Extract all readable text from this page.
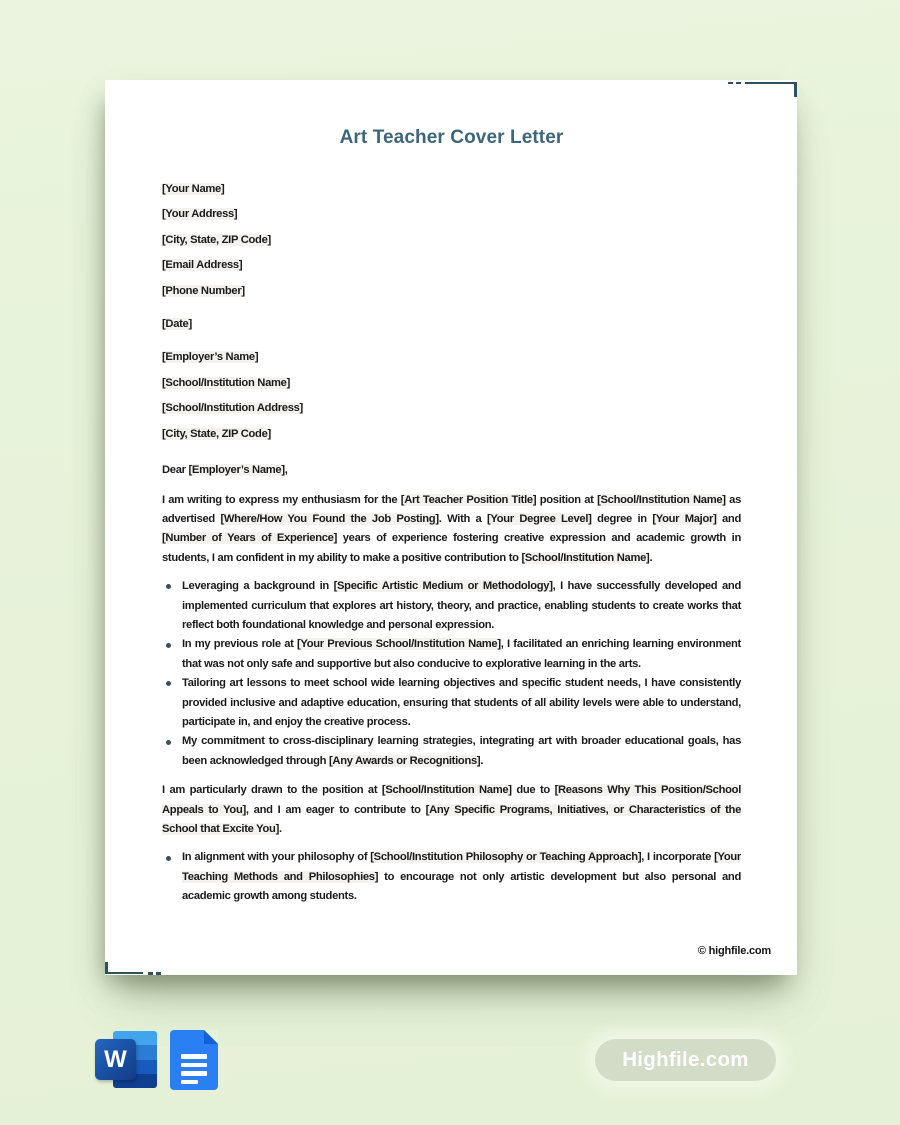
Art Teacher Cover Letter
[Your Name]
[Your Address]
[City, State, ZIP Code]
[Email Address]
[Phone Number]
[Date]
[Employer’s Name]
[School/Institution Name]
[School/Institution Address]
[City, State, ZIP Code]
Dear [Employer’s Name],
I am writing to express my enthusiasm for the [Art Teacher Position Title] position at [School/Institution Name] as advertised [Where/How You Found the Job Posting]. With a [Your Degree Level] degree in [Your Major] and [Number of Years of Experience] years of experience fostering creative expression and academic growth in students, I am confident in my ability to make a positive contribution to [School/Institution Name].
Leveraging a background in [Specific Artistic Medium or Methodology], I have successfully developed and implemented curriculum that explores art history, theory, and practice, enabling students to create works that reflect both foundational knowledge and personal expression.
In my previous role at [Your Previous School/Institution Name], I facilitated an enriching learning environment that was not only safe and supportive but also conducive to explorative learning in the arts.
Tailoring art lessons to meet school wide learning objectives and specific student needs, I have consistently provided inclusive and adaptive education, ensuring that students of all ability levels were able to understand, participate in, and enjoy the creative process.
My commitment to cross-disciplinary learning strategies, integrating art with broader educational goals, has been acknowledged through [Any Awards or Recognitions].
I am particularly drawn to the position at [School/Institution Name] due to [Reasons Why This Position/School Appeals to You], and I am eager to contribute to [Any Specific Programs, Initiatives, or Characteristics of the School that Excite You].
In alignment with your philosophy of [School/Institution Philosophy or Teaching Approach], I incorporate [Your Teaching Methods and Philosophies] to encourage not only artistic development but also personal and academic growth among students.
© highfile.com
W	Highfile.com
